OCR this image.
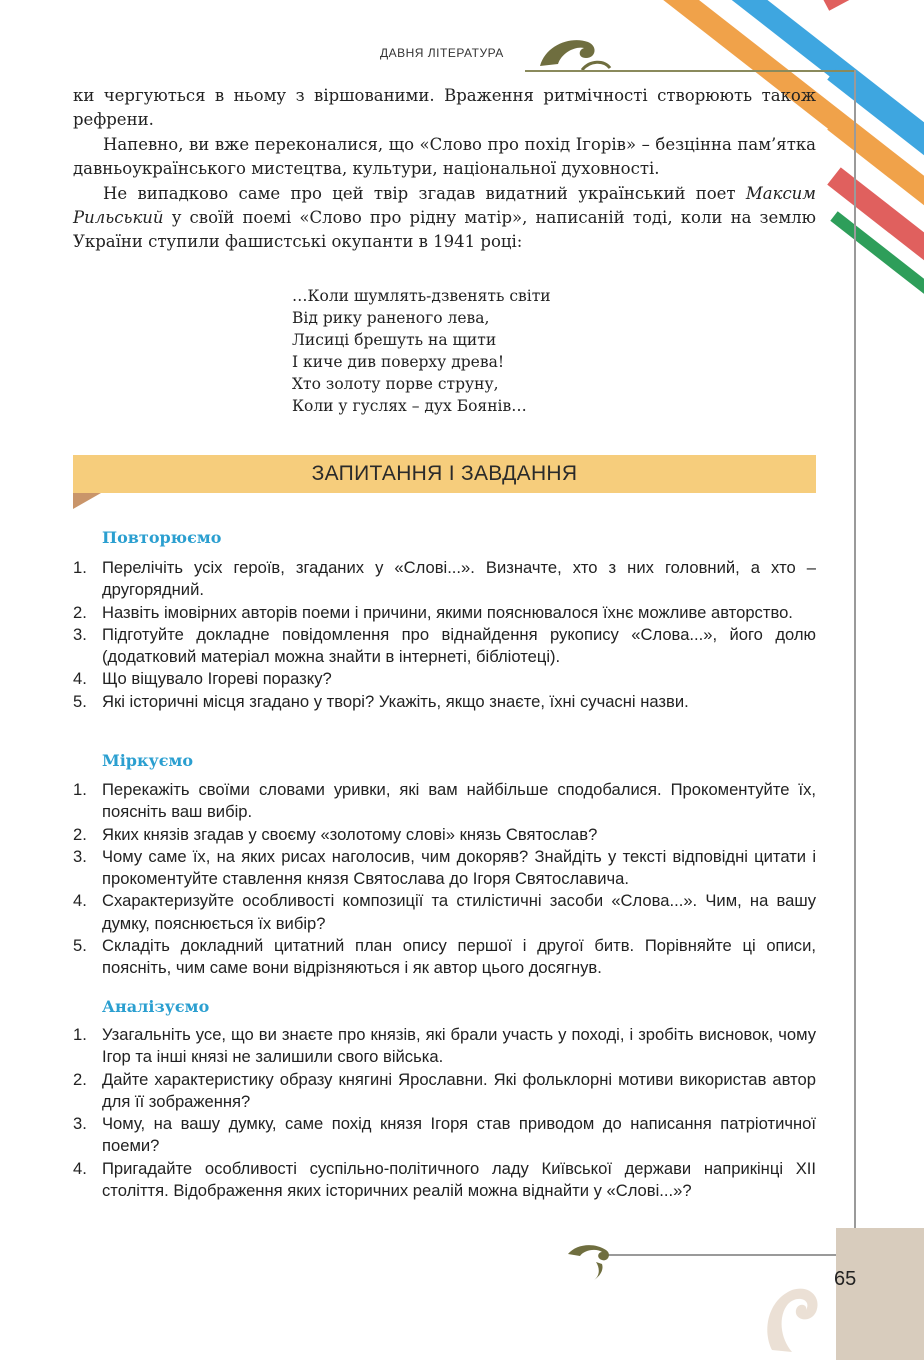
ДАВНЯ ЛІТЕРАТУРА

ки чергуються в ньому з віршованими. Враження ритмічності створюють також рефрени.

Напевно, ви вже переконалися, що «Слово про похід Ігорів» – безцінна пам’ятка давньоукраїнського мистецтва, культури, національної духовності.

Не випадково саме про цей твір згадав видатний український поет Максим Рильський у своїй поемі «Слово про рідну матір», написаній тоді, коли на землю України ступили фашистські окупанти в 1941 році:

…Коли шумлять-дзвенять світи
Від рику раненого лева,
Лисиці брешуть на щити
І киче див поверху древа!
Хто золоту порве струну,
Коли у гуслях – дух Боянів…
ЗАПИТАННЯ І ЗАВДАННЯ
Повторюємо
1. Перелічіть усіх героїв, згаданих у «Слові...». Визначте, хто з них головний, а хто – другорядний.
2. Назвіть імовірних авторів поеми і причини, якими пояснювалося їхнє можливе авторство.
3. Підготуйте докладне повідомлення про віднайдення рукопису «Слова...», його долю (додатковий матеріал можна знайти в інтернеті, бібліотеці).
4. Що віщувало Ігореві поразку?
5. Які історичні місця згадано у творі? Укажіть, якщо знаєте, їхні сучасні назви.
Міркуємо
1. Перекажіть своїми словами уривки, які вам найбільше сподобалися. Прокоментуйте їх, поясніть ваш вибір.
2. Яких князів згадав у своєму «золотому слові» князь Святослав?
3. Чому саме їх, на яких рисах наголосив, чим докоряв? Знайдіть у тексті відповідні цитати і прокоментуйте ставлення князя Святослава до Ігоря Святославича.
4. Схарактеризуйте особливості композиції та стилістичні засоби «Слова...». Чим, на вашу думку, пояснюється їх вибір?
5. Складіть докладний цитатний план опису першої і другої битв. Порівняйте ці описи, поясніть, чим саме вони відрізняються і як автор цього досягнув.
Аналізуємо
1. Узагальніть усе, що ви знаєте про князів, які брали участь у поході, і зробіть висновок, чому Ігор та інші князі не залишили свого війська.
2. Дайте характеристику образу княгині Ярославни. Які фольклорні мотиви використав автор для її зображення?
3. Чому, на вашу думку, саме похід князя Ігоря став приводом до написання патріотичної поеми?
4. Пригадайте особливості суспільно-політичного ладу Київської держави наприкінці XII століття. Відображення яких історичних реалій можна віднайти у «Слові...»?
65
